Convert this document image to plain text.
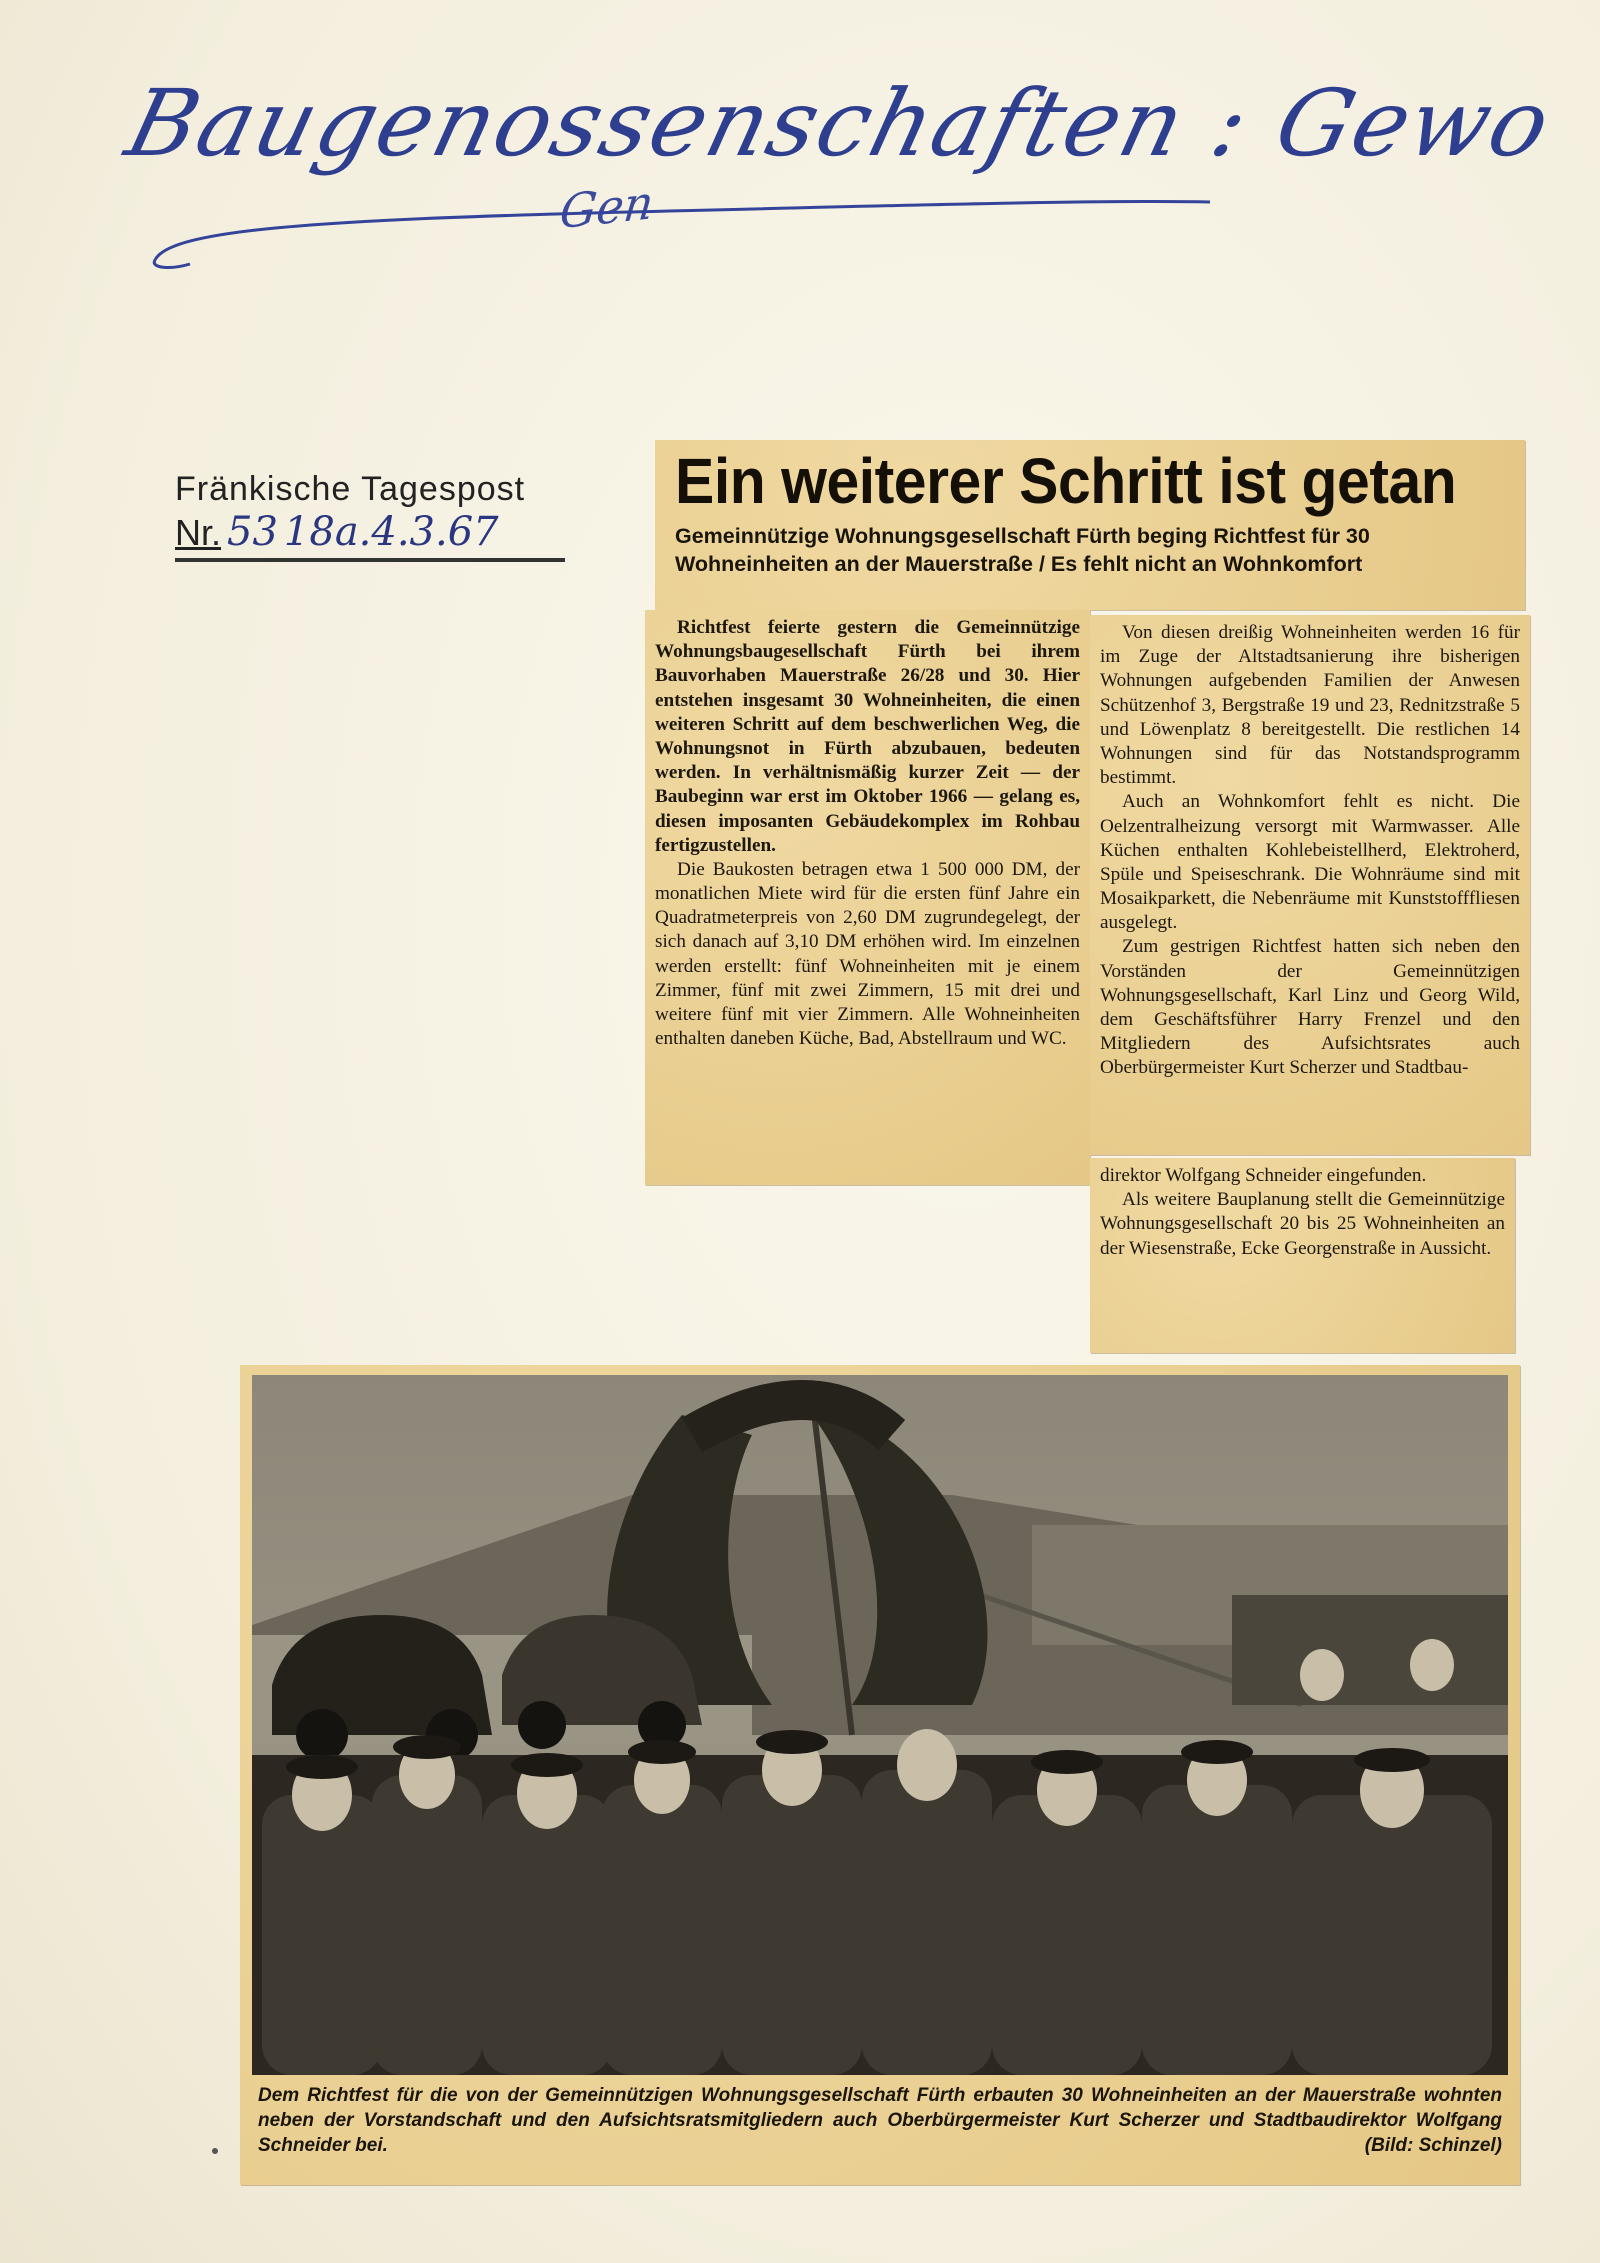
Baugenossenschaften : Gewo
Gen
Fränkische Tagespost
Nr. 53 18a.4.3.67
Ein weiterer Schritt ist getan
Gemeinnützige Wohnungsgesellschaft Fürth beging Richtfest für 30 Wohneinheiten an der Mauerstraße / Es fehlt nicht an Wohnkomfort

Richtfest feierte gestern die Gemeinnützige Wohnungsbaugesellschaft Fürth bei ihrem Bauvorhaben Mauerstraße 26/28 und 30. Hier entstehen insgesamt 30 Wohneinheiten, die einen weiteren Schritt auf dem beschwerlichen Weg, die Wohnungsnot in Fürth abzubauen, bedeuten werden. In verhältnismäßig kurzer Zeit — der Baubeginn war erst im Oktober 1966 — gelang es, diesen imposanten Gebäudekomplex im Rohbau fertigzustellen.

Die Baukosten betragen etwa 1 500 000 DM, der monatlichen Miete wird für die ersten fünf Jahre ein Quadratmeterpreis von 2,60 DM zugrundegelegt, der sich danach auf 3,10 DM erhöhen wird. Im einzelnen werden erstellt: fünf Wohneinheiten mit je einem Zimmer, fünf mit zwei Zimmern, 15 mit drei und weitere fünf mit vier Zimmern. Alle Wohneinheiten enthalten daneben Küche, Bad, Abstellraum und WC.

Von diesen dreißig Wohneinheiten werden 16 für im Zuge der Altstadtsanierung ihre bisherigen Wohnungen aufgebenden Familien der Anwesen Schützenhof 3, Bergstraße 19 und 23, Rednitzstraße 5 und Löwenplatz 8 bereitgestellt. Die restlichen 14 Wohnungen sind für das Notstandsprogramm bestimmt.

Auch an Wohnkomfort fehlt es nicht. Die Oelzentralheizung versorgt mit Warmwasser. Alle Küchen enthalten Kohlebeistellherd, Elektroherd, Spüle und Speiseschrank. Die Wohnräume sind mit Mosaikparkett, die Nebenräume mit Kunststofffliesen ausgelegt.

Zum gestrigen Richtfest hatten sich neben den Vorständen der Gemeinnützigen Wohnungsgesellschaft, Karl Linz und Georg Wild, dem Geschäftsführer Harry Frenzel und den Mitgliedern des Aufsichtsrates auch Oberbürgermeister Kurt Scherzer und Stadtbau-

direktor Wolfgang Schneider eingefunden.

Als weitere Bauplanung stellt die Gemeinnützige Wohnungsgesellschaft 20 bis 25 Wohneinheiten an der Wiesenstraße, Ecke Georgenstraße in Aussicht.

Dem Richtfest für die von der Gemeinnützigen Wohnungsgesellschaft Fürth erbauten 30 Wohneinheiten an der Mauerstraße wohnten neben der Vorstandschaft und den Aufsichtsratsmitgliedern auch Oberbürgermeister Kurt Scherzer und Stadtbaudirektor Wolfgang Schneider bei.	(Bild: Schinzel)
